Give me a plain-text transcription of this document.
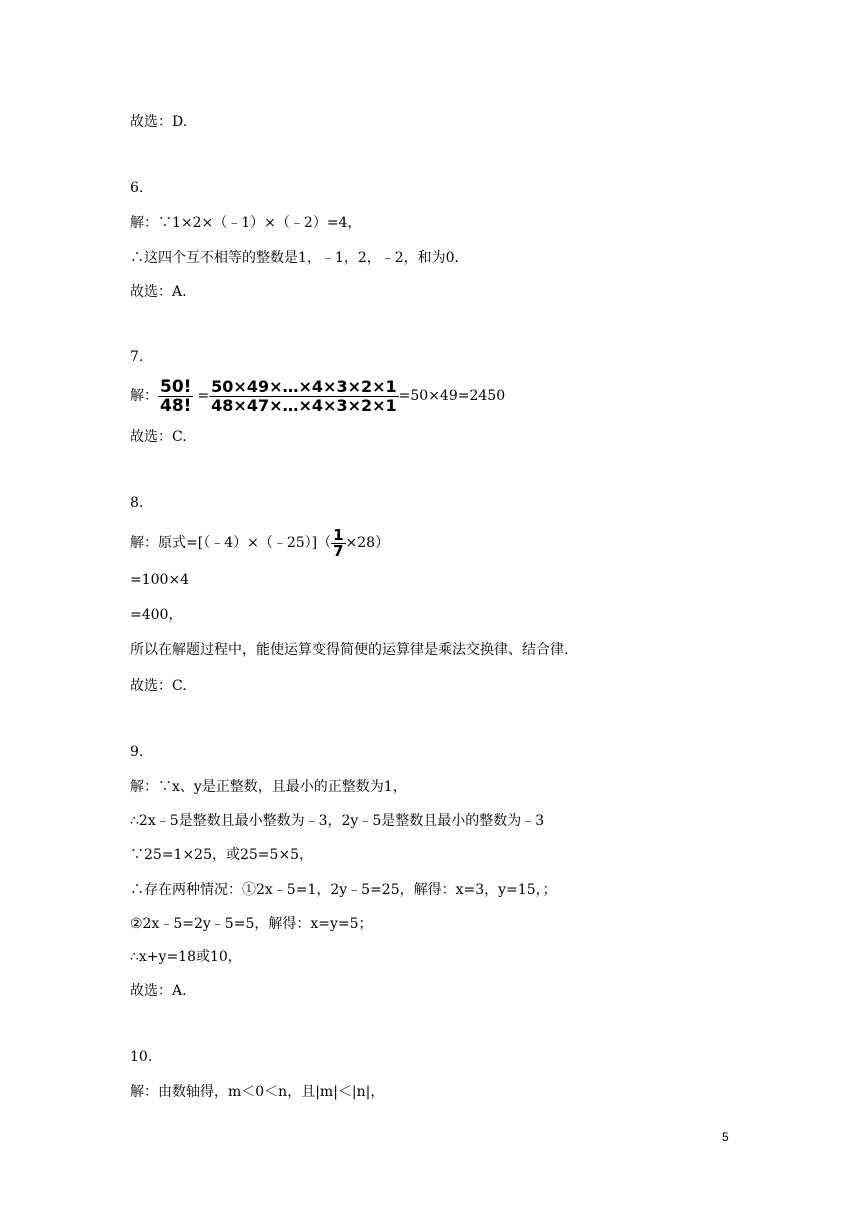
故选：D.
6.
解：∵1×2×（﹣1）×（﹣2）=4，
∴这四个互不相等的整数是1，﹣1，2，﹣2，和为0.
故选：A.
7.
解： $\frac{50!}{48!} = \frac{50\times 49\times\dots\times 4\times 3\times 2\times 1}{48\times 47\times\dots\times 4\times 3\times 2\times 1} =50\times 49=2450$
故选：C.
8.
解：原式=[（﹣4）×（﹣25）]（ $\frac{1}{7} \times 28$）
=100×4
=400，
所以在解题过程中，能使运算变得简便的运算律是乘法交换律、结合律.
故选：C.
9.
解：∵x、y是正整数，且最小的正整数为1，
∴2x﹣5是整数且最小整数为﹣3，2y﹣5是整数且最小的整数为﹣3
∵25=1×25，或25=5×5，
∴存在两种情况：①2x﹣5=1，2y﹣5=25，解得：x=3，y=15，；
②2x﹣5=2y﹣5=5，解得：x=y=5；
∴x+y=18或10，
故选：A.
10.
解：由数轴得，m＜0＜n，且|m|＜|n|，
5
